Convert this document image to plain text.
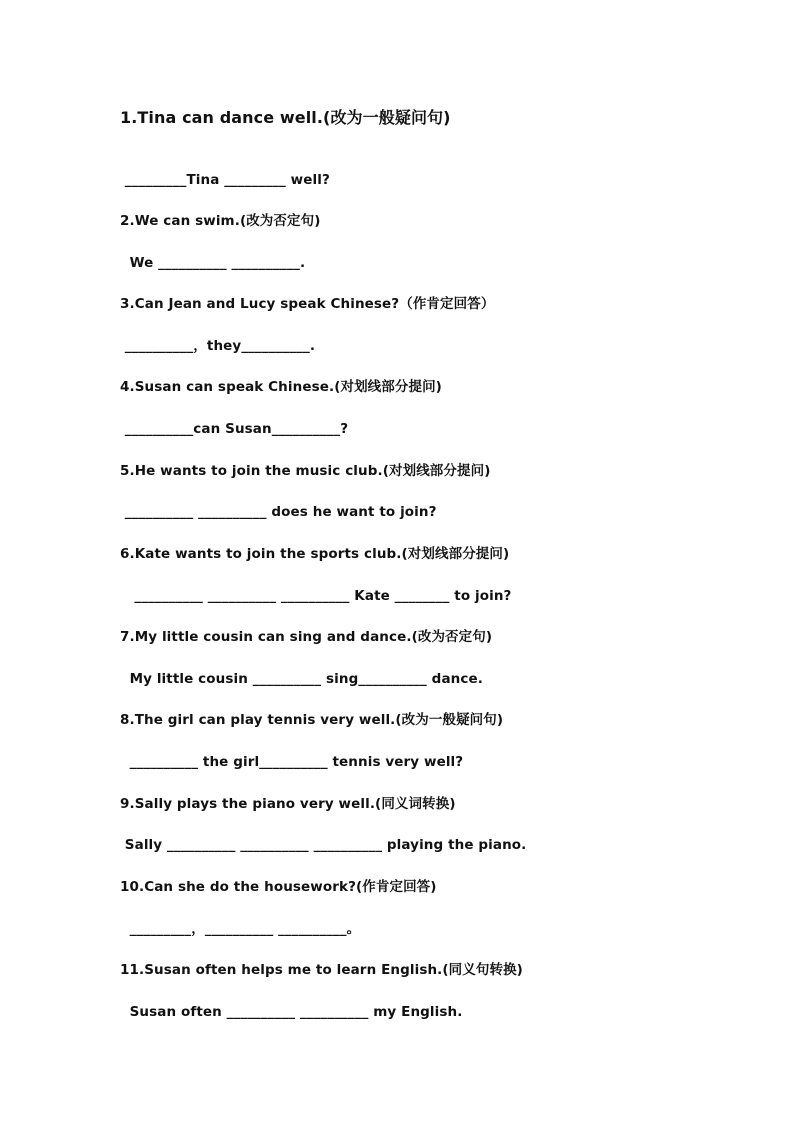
1.Tina can dance well.(改为一般疑问句)
_________Tina _________ well?
2.We can swim.(改为否定句)
We __________ __________.
3.Can Jean and Lucy speak Chinese?（作肯定回答）
__________，they__________.
4.Susan can speak Chinese.(对划线部分提问)
__________can Susan__________?
5.He wants to join the music club.(对划线部分提问)
__________ __________ does he want to join?
6.Kate wants to join the sports club.(对划线部分提问)
__________ __________ __________ Kate ________ to join?
7.My little cousin can sing and dance.(改为否定句)
My little cousin __________ sing__________ dance.
8.The girl can play tennis very well.(改为一般疑问句)
__________ the girl__________ tennis very well?
9.Sally plays the piano very well.(同义词转换)
Sally __________ __________ __________ playing the piano.
10.Can she do the housework?(作肯定回答)
_________，__________ __________。
11.Susan often helps me to learn English.(同义句转换)
Susan often __________ __________ my English.
